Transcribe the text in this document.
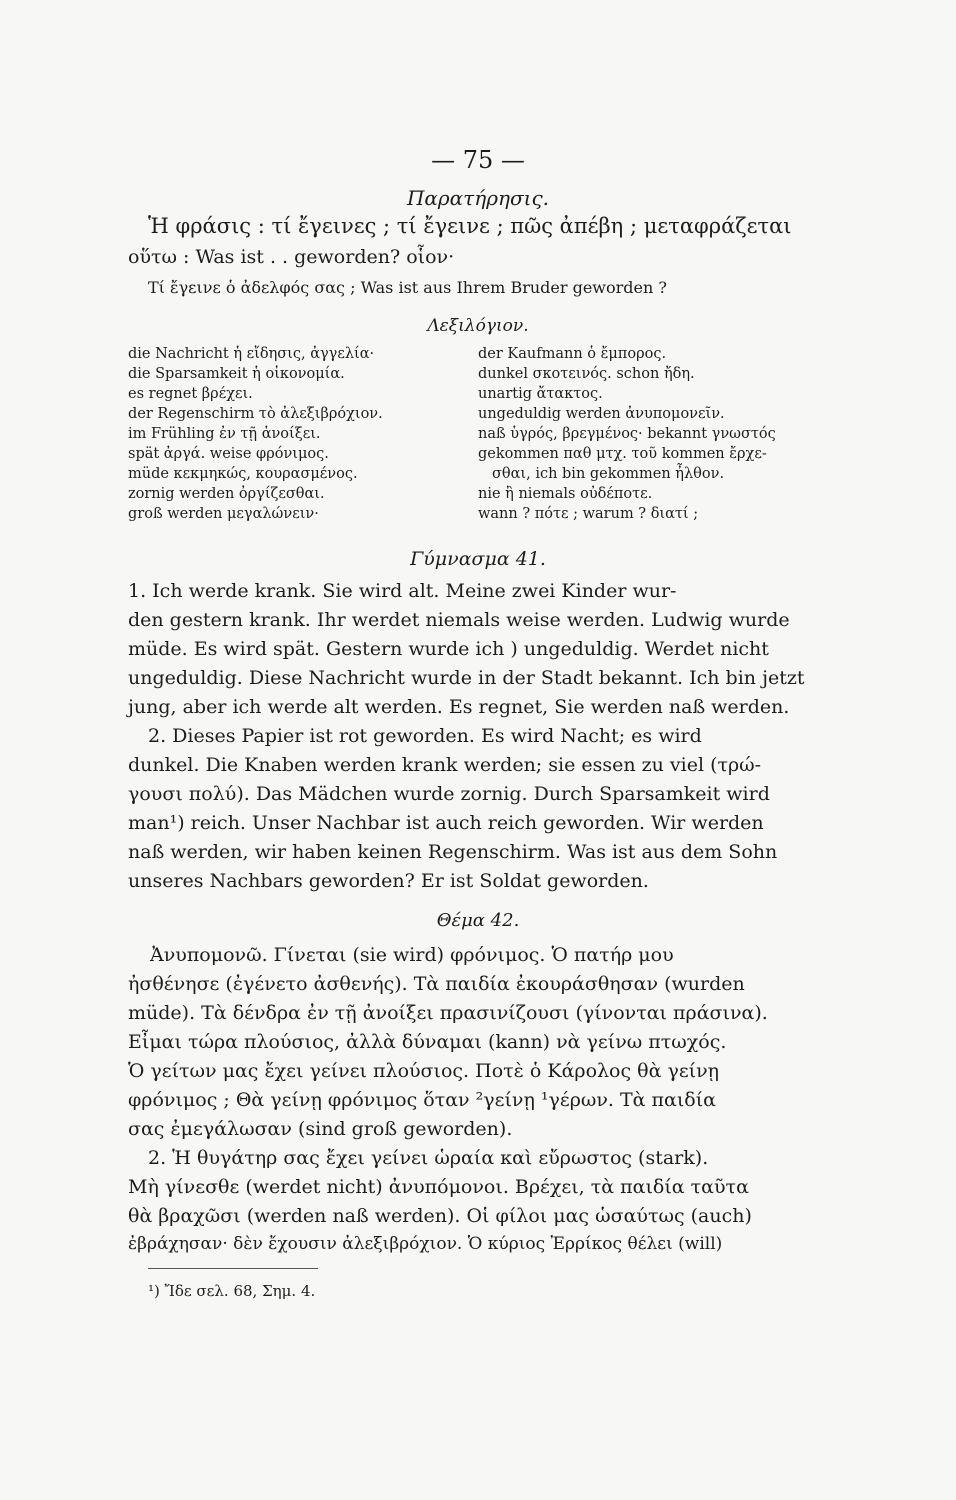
— 75 —
Παρατήρησις.
Ἡ φράσις : τί ἔγεινες ; τί ἔγεινε ; πῶς ἀπέβη ; μεταφράζεται
οὕτω : Was ist . . geworden? οἷον·
Τί ἔγεινε ὁ ἀδελφός σας ; Was ist aus Ihrem Bruder geworden ?
Λεξιλόγιον.
die Nachricht ἡ εἴδησις, ἀγγελία·
die Sparsamkeit ἡ οἰκονομία.
es regnet βρέχει.
der Regenschirm τὸ ἀλεξιβρόχιον.
im Frühling ἐν τῇ ἀνοίξει.
spät ἀργά. weise φρόνιμος.
müde κεκμηκώς, κουρασμένος.
zornig werden ὀργίζεσθαι.
groß werden μεγαλώνειν·
der Kaufmann ὁ ἔμπορος.
dunkel σκοτεινός. schon ἤδη.
unartig ἄτακτος.
ungeduldig werden ἀνυπομονεῖν.
naß ὑγρός, βρεγμένος· bekannt γνωστός
gekommen παθ μτχ. τοῦ kommen ἔρχε-
σθαι, ich bin gekommen ἦλθον.
nie ἢ niemals οὐδέποτε.
wann ? πότε ; warum ? διατί ;
Γύμνασμα 41.
1. Ich werde krank. Sie wird alt. Meine zwei Kinder wur-
den gestern krank. Ihr werdet niemals weise werden. Ludwig wurde
müde. Es wird spät. Gestern wurde ich ) ungeduldig. Werdet nicht
ungeduldig. Diese Nachricht wurde in der Stadt bekannt. Ich bin jetzt
jung, aber ich werde alt werden. Es regnet, Sie werden naß werden.
2. Dieses Papier ist rot geworden. Es wird Nacht; es wird
dunkel. Die Knaben werden krank werden; sie essen zu viel (τρώ-
γουσι πολύ). Das Mädchen wurde zornig. Durch Sparsamkeit wird
man¹) reich. Unser Nachbar ist auch reich geworden. Wir werden
naß werden, wir haben keinen Regenschirm. Was ist aus dem Sohn
unseres Nachbars geworden? Er ist Soldat geworden.
Θέμα 42.
Ἀνυπομονῶ. Γίνεται (sie wird) φρόνιμος. Ὁ πατήρ μου
ἠσθένησε (ἐγένετο ἀσθενής). Τὰ παιδία ἐκουράσθησαν (wurden
müde). Τὰ δένδρα ἐν τῇ ἀνοίξει πρασινίζουσι (γίνονται πράσινα).
Εἶμαι τώρα πλούσιος, ἀλλὰ δύναμαι (kann) νὰ γείνω πτωχός.
Ὁ γείτων μας ἔχει γείνει πλούσιος. Ποτὲ ὁ Κάρολος θὰ γείνῃ
φρόνιμος ; Θὰ γείνῃ φρόνιμος ὅταν ²γείνῃ ¹γέρων. Τὰ παιδία
σας ἐμεγάλωσαν (sind groß geworden).
2. Ἡ θυγάτηρ σας ἔχει γείνει ὡραία καὶ εὔρωστος (stark).
Μὴ γίνεσθε (werdet nicht) ἀνυπόμονοι. Βρέχει, τὰ παιδία ταῦτα
θὰ βραχῶσι (werden naß werden). Οἱ φίλοι μας ὡσαύτως (auch)
ἐβράχησαν· δὲν ἔχουσιν ἀλεξιβρόχιον. Ὁ κύριος Ἐρρίκος θέλει (will)
¹) Ἴδε σελ. 68, Σημ. 4.
